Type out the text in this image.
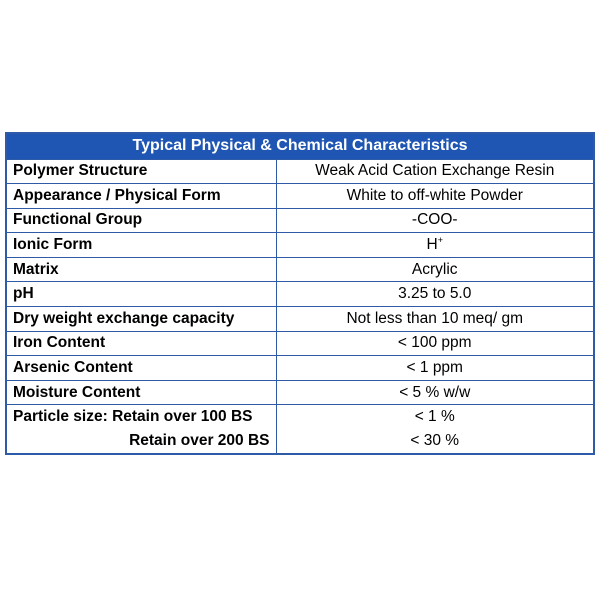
Typical Physical & Chemical Characteristics	
Polymer Structure	Weak Acid Cation Exchange Resin
Appearance / Physical Form	White to off-white Powder
Functional Group	-COO-
Ionic Form	H+
Matrix	Acrylic
pH	3.25 to 5.0
Dry weight exchange capacity	Not less than 10 meq/ gm
Iron Content	< 100 ppm
Arsenic Content	< 1 ppm
Moisture Content	< 5 % w/w
Particle size: Retain over 100 BS	< 1 %
Retain over 200 BS	< 30 %
